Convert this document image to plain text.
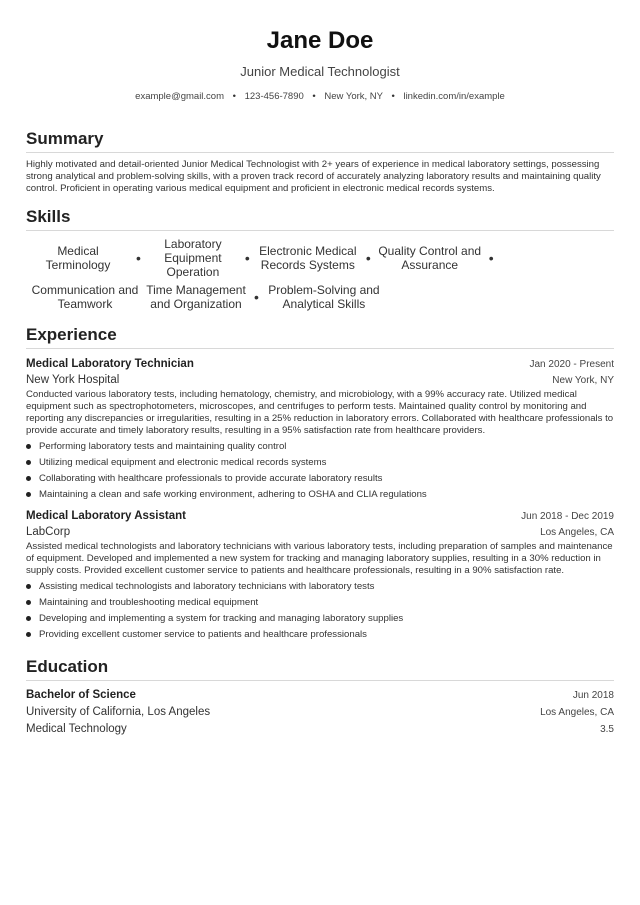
Jane Doe
Junior Medical Technologist
example@gmail.com • 123-456-7890 • New York, NY • linkedin.com/in/example
Summary
Highly motivated and detail-oriented Junior Medical Technologist with 2+ years of experience in medical laboratory settings, possessing strong analytical and problem-solving skills, with a proven track record of accurately analyzing laboratory results and maintaining quality control. Proficient in operating various medical equipment and proficient in electronic medical records systems.
Skills
Medical Terminology	•
Laboratory Equipment Operation
• Electronic Medical Records Systems • Quality Control and Assurance	•
Communication and Teamwork
Time Management and Organization • Problem-Solving and Analytical Skills
Experience
Medical Laboratory Technician	Jan 2020 - Present
New York Hospital	New York, NY
Conducted various laboratory tests, including hematology, chemistry, and microbiology, with a 99% accuracy rate. Utilized medical equipment such as spectrophotometers, microscopes, and centrifuges to perform tests. Maintained quality control by monitoring and reporting any discrepancies or irregularities, resulting in a 25% reduction in laboratory errors. Collaborated with healthcare professionals to provide accurate and timely laboratory results, resulting in a 95% satisfaction rate from healthcare providers.
Performing laboratory tests and maintaining quality control
Utilizing medical equipment and electronic medical records systems
Collaborating with healthcare professionals to provide accurate laboratory results
Maintaining a clean and safe working environment, adhering to OSHA and CLIA regulations
Medical Laboratory Assistant	Jun 2018 - Dec 2019
LabCorp	Los Angeles, CA
Assisted medical technologists and laboratory technicians with various laboratory tests, including preparation of samples and maintenance of equipment. Developed and implemented a new system for tracking and managing laboratory supplies, resulting in a 30% reduction in supply costs. Provided excellent customer service to patients and healthcare professionals, resulting in a 90% satisfaction rate.
Assisting medical technologists and laboratory technicians with laboratory tests
Maintaining and troubleshooting medical equipment
Developing and implementing a system for tracking and managing laboratory supplies
Providing excellent customer service to patients and healthcare professionals
Education
Bachelor of Science	Jun 2018
University of California, Los Angeles	Los Angeles, CA
Medical Technology	3.5
